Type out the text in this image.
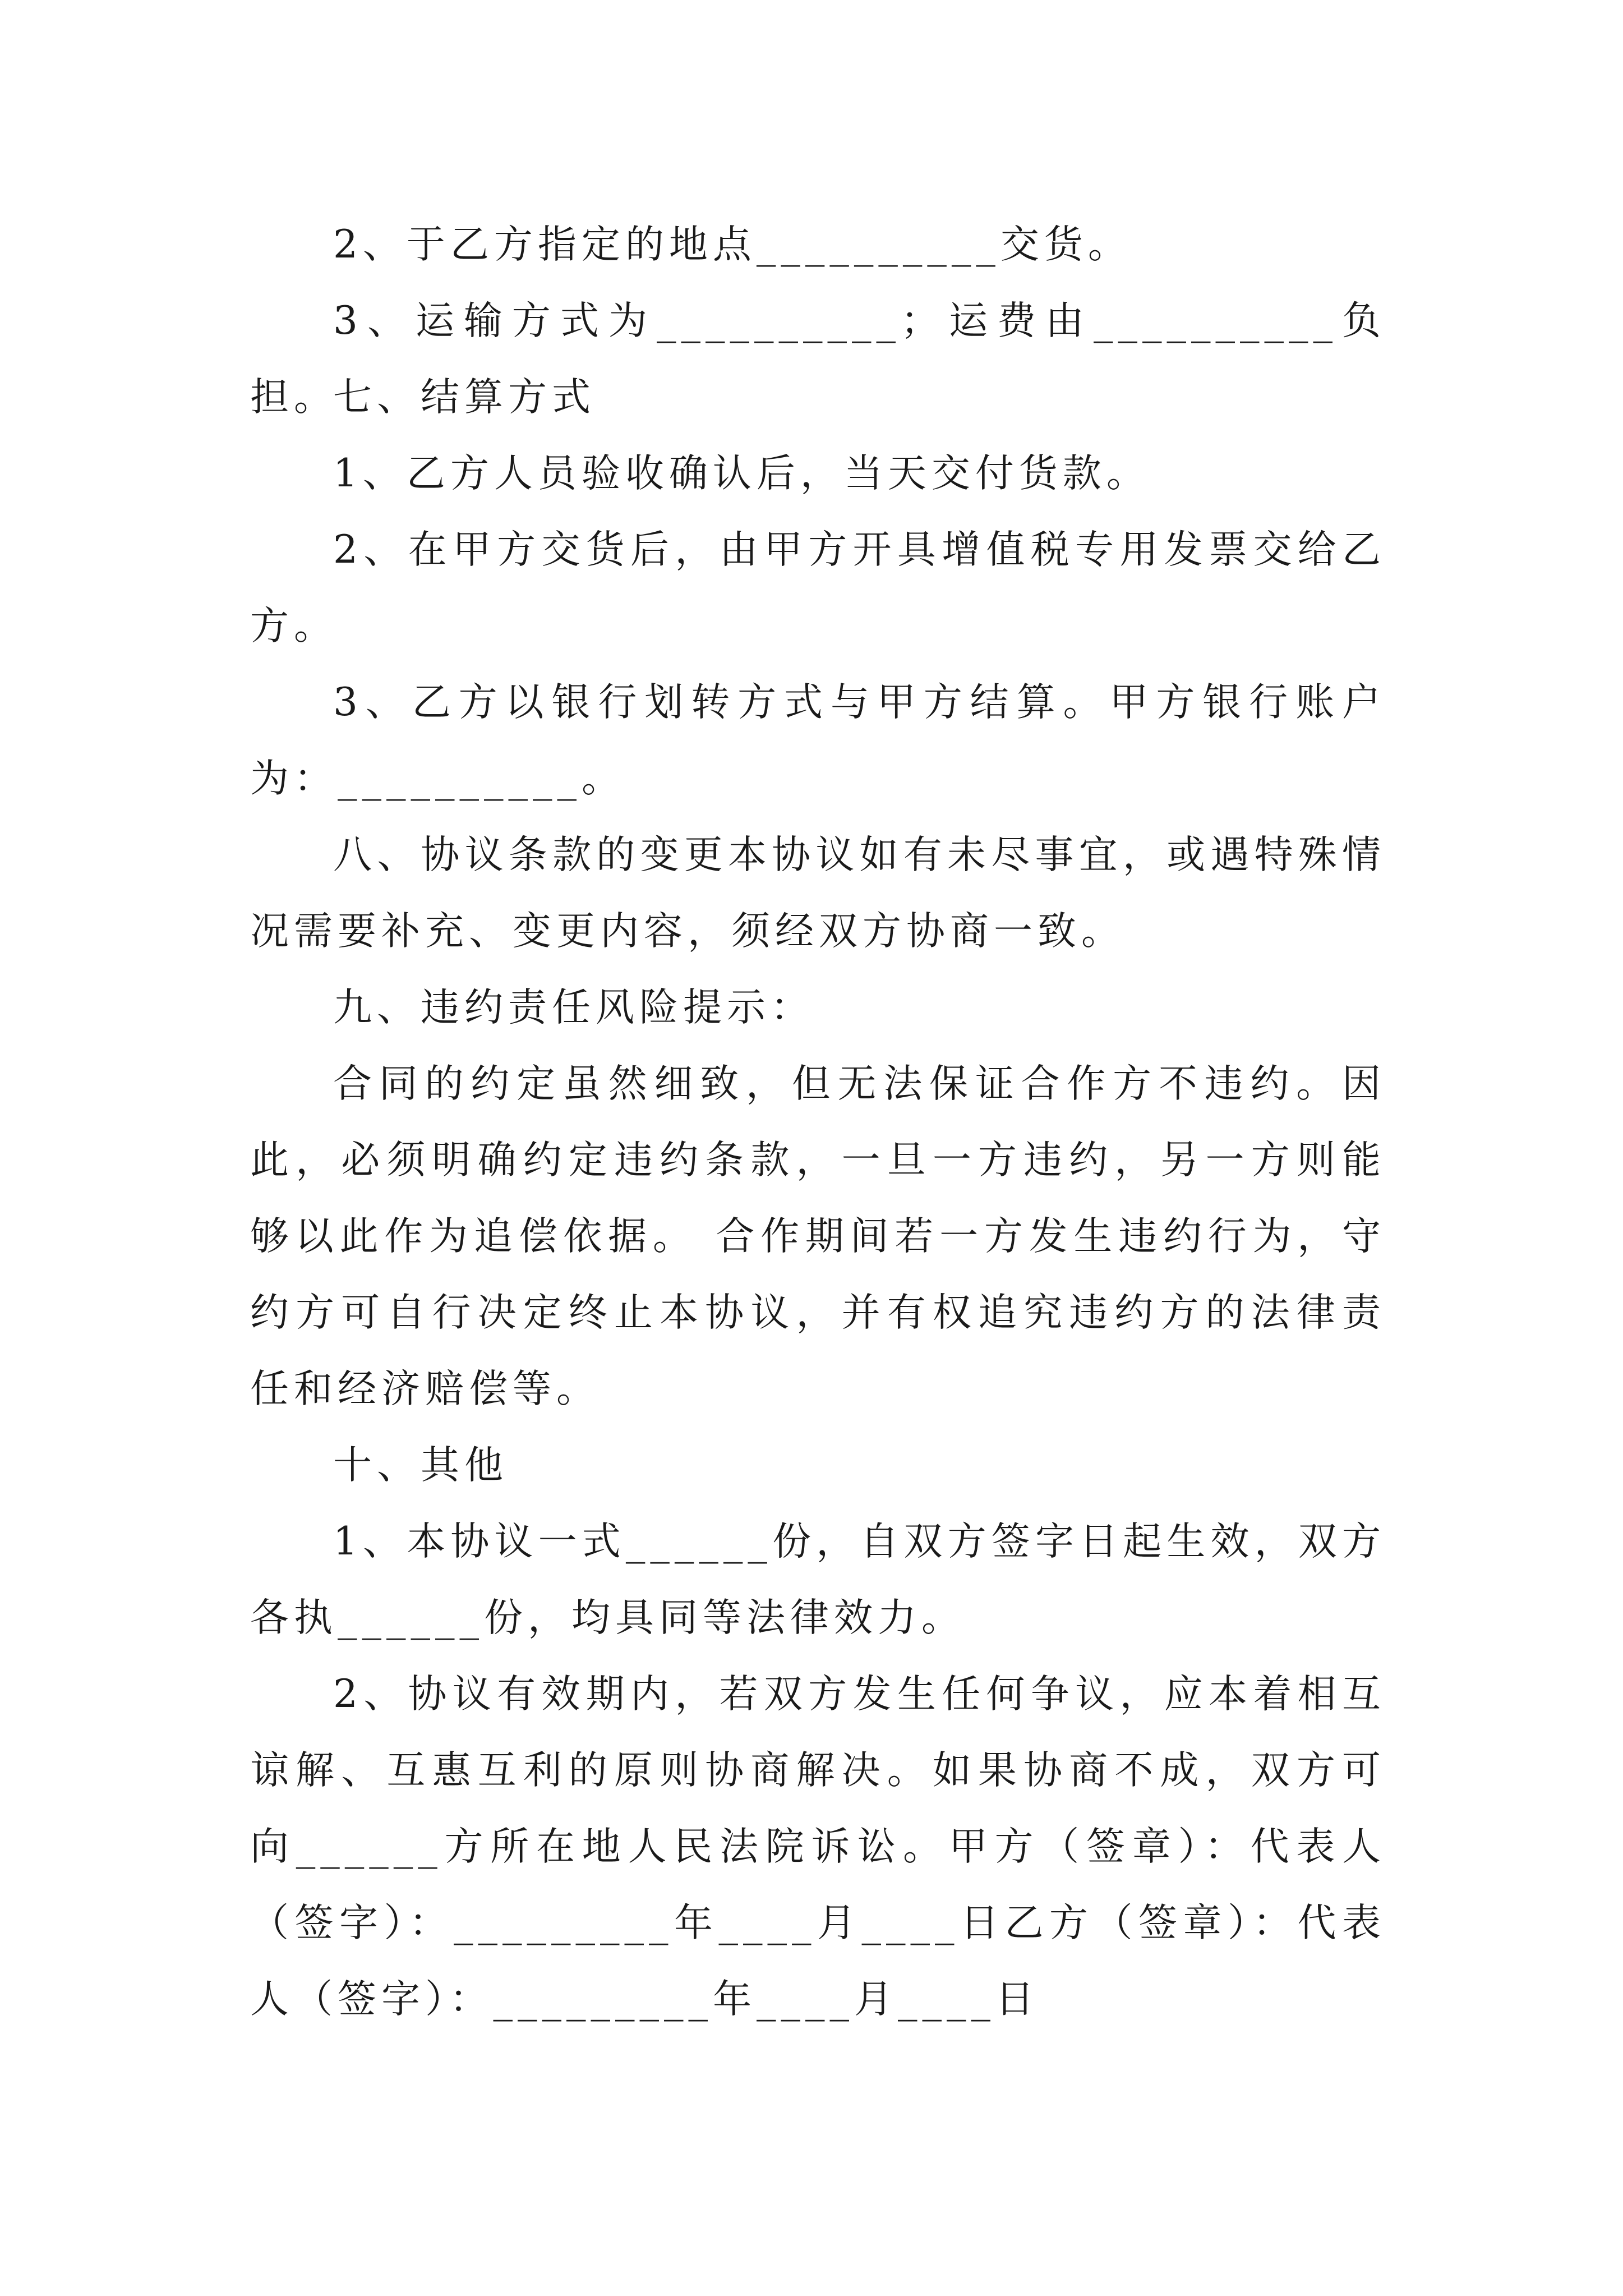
2、于乙方指定的地点__________交货。

3、运输方式为__________；运费由__________负担。

七、结算方式

1、乙方人员验收确认后，当天交付货款。

2、在甲方交货后，由甲方开具增值税专用发票交给乙方。

3、乙方以银行划转方式与甲方结算。甲方银行账户为：__________。

八、协议条款的变更本协议如有未尽事宜，或遇特殊情况需要补充、变更内容，须经双方协商一致。

九、违约责任风险提示：

合同的约定虽然细致，但无法保证合作方不违约。因此，必须明确约定违约条款，一旦一方违约，另一方则能够以此作为追偿依据。 合作期间若一方发生违约行为，守约方可自行决定终止本协议，并有权追究违约方的法律责任和经济赔偿等。

十、其他

1、本协议一式______份，自双方签字日起生效，双方各执______份，均具同等法律效力。

2、协议有效期内，若双方发生任何争议，应本着相互谅解、互惠互利的原则协商解决。如果协商不成，双方可向______方所在地人民法院诉讼。甲方（签章）：代表人（签字）：_________年____月____日乙方（签章）：代表人（签字）：_________年____月____日
